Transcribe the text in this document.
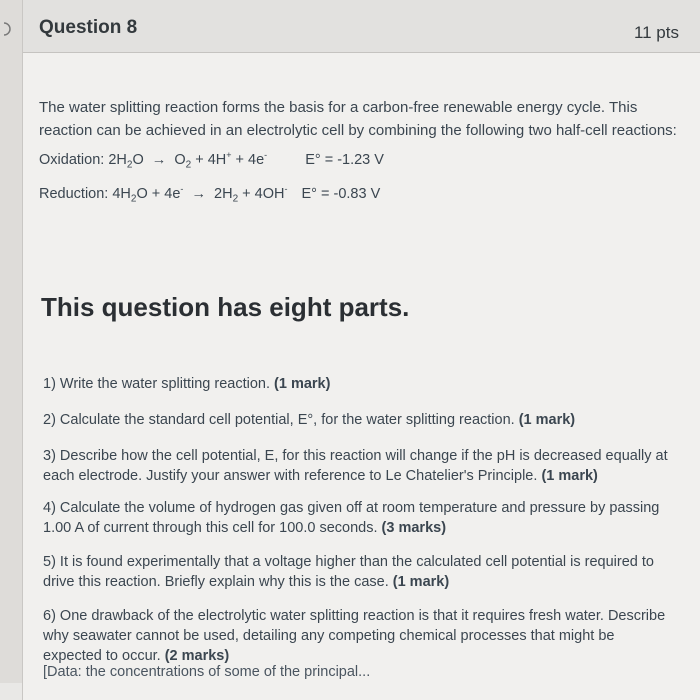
Question 8	11 pts

The water splitting reaction forms the basis for a carbon-free renewable energy cycle. This reaction can be achieved in an electrolytic cell by combining the following two half-cell reactions:

Oxidation: $2H_2O \to O_2 + 4H^+ + 4e^-$	E° = -1.23 V
Reduction: $4H_2O + 4e^- \to 2H_2 + 4OH^-$ E° = -0.83 V
This question has eight parts.
1) Write the water splitting reaction. (1 mark)
2) Calculate the standard cell potential, E°, for the water splitting reaction. (1 mark)
3) Describe how the cell potential, E, for this reaction will change if the pH is decreased equally at each electrode. Justify your answer with reference to Le Chatelier's Principle. (1 mark)
4) Calculate the volume of hydrogen gas given off at room temperature and pressure by passing 1.00 A of current through this cell for 100.0 seconds. (3 marks)
5) It is found experimentally that a voltage higher than the calculated cell potential is required to drive this reaction. Briefly explain why this is the case. (1 mark)
6) One drawback of the electrolytic water splitting reaction is that it requires fresh water. Describe why seawater cannot be used, detailing any competing chemical processes that might be expected to occur. (2 marks)
[Data: the concentrations of some of the principal...
